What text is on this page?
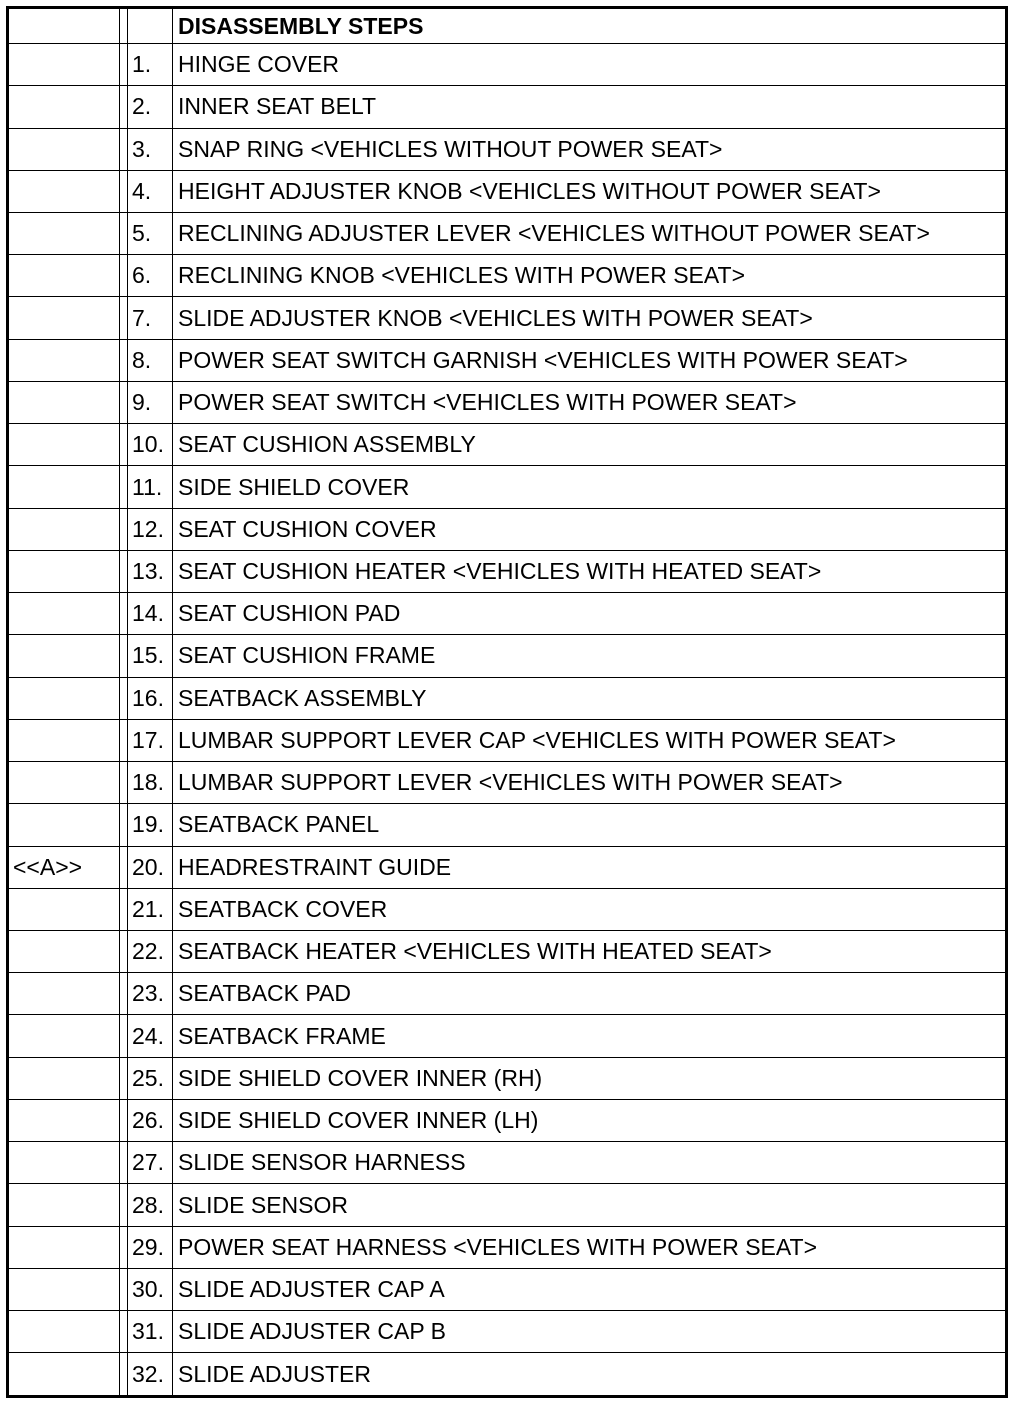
			DISASSEMBLY STEPS
		1.	HINGE COVER
		2.	INNER SEAT BELT
		3.	SNAP RING <VEHICLES WITHOUT POWER SEAT>
		4.	HEIGHT ADJUSTER KNOB <VEHICLES WITHOUT POWER SEAT>
		5.	RECLINING ADJUSTER LEVER <VEHICLES WITHOUT POWER SEAT>
		6.	RECLINING KNOB <VEHICLES WITH POWER SEAT>
		7.	SLIDE ADJUSTER KNOB <VEHICLES WITH POWER SEAT>
		8.	POWER SEAT SWITCH GARNISH <VEHICLES WITH POWER SEAT>
		9.	POWER SEAT SWITCH <VEHICLES WITH POWER SEAT>
		10.	SEAT CUSHION ASSEMBLY
		11.	SIDE SHIELD COVER
		12.	SEAT CUSHION COVER
		13.	SEAT CUSHION HEATER <VEHICLES WITH HEATED SEAT>
		14.	SEAT CUSHION PAD
		15.	SEAT CUSHION FRAME
		16.	SEATBACK ASSEMBLY
		17.	LUMBAR SUPPORT LEVER CAP <VEHICLES WITH POWER SEAT>
		18.	LUMBAR SUPPORT LEVER <VEHICLES WITH POWER SEAT>
		19.	SEATBACK PANEL
<<A>>		20.	HEADRESTRAINT GUIDE
		21.	SEATBACK COVER
		22.	SEATBACK HEATER <VEHICLES WITH HEATED SEAT>
		23.	SEATBACK PAD
		24.	SEATBACK FRAME
		25.	SIDE SHIELD COVER INNER (RH)
		26.	SIDE SHIELD COVER INNER (LH)
		27.	SLIDE SENSOR HARNESS
		28.	SLIDE SENSOR
		29.	POWER SEAT HARNESS <VEHICLES WITH POWER SEAT>
		30.	SLIDE ADJUSTER CAP A
		31.	SLIDE ADJUSTER CAP B
		32.	SLIDE ADJUSTER
